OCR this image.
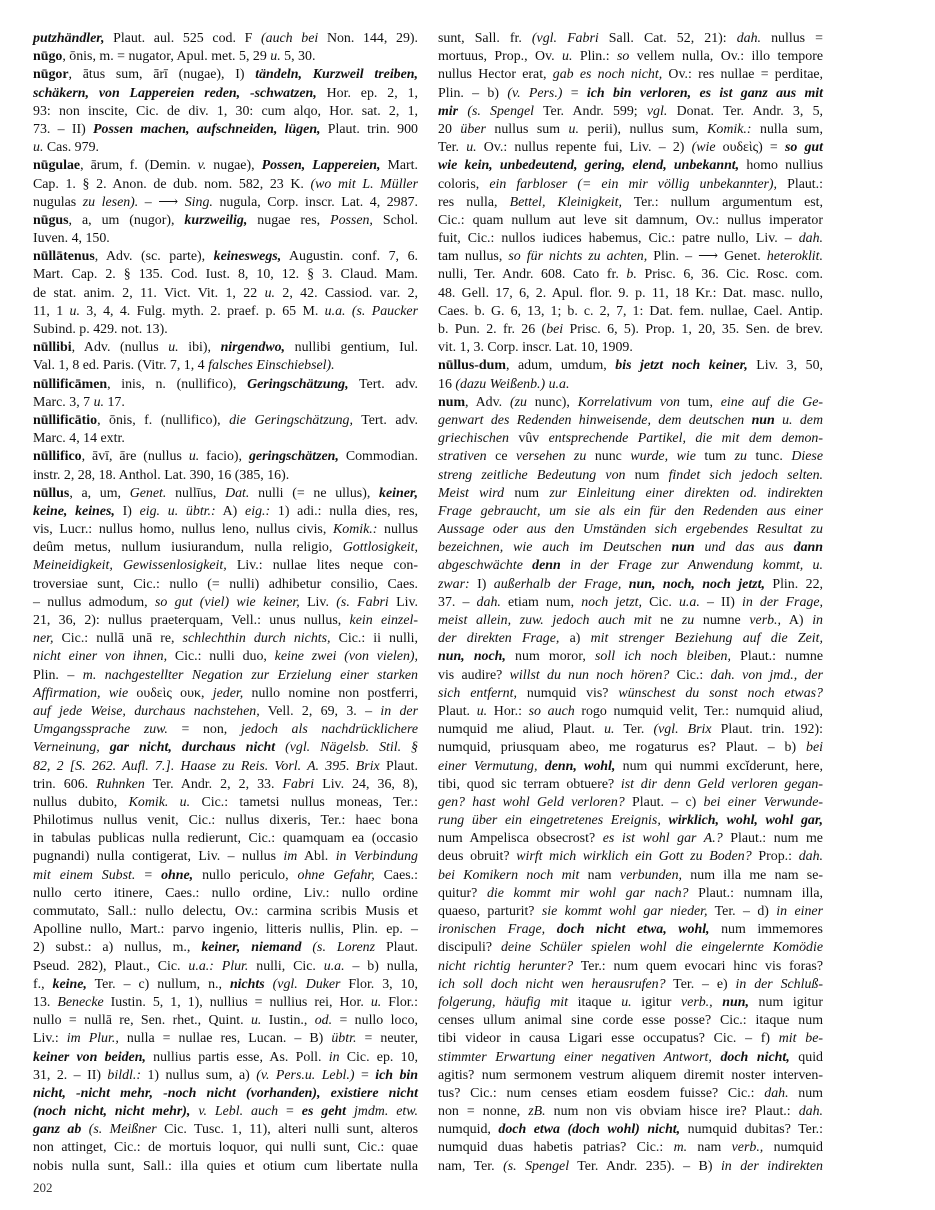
putzhändler, Plaut. aul. 525 cod. F (auch bei Non. 144, 29).
nūgo, ōnis, m. = nugator, Apul. met. 5, 29 u. 5, 30.
nūgor, ātus sum, ārī (nugae), I) tändeln, Kurzweil treiben,
schäkern, von Lappereien reden, -schwatzen, Hor. ep. 2, 1,
93: non inscite, Cic. de div. 1, 30: cum alqo, Hor. sat. 2, 1,
73. – II) Possen machen, aufschneiden, lügen, Plaut. trin. 900
u. Cas. 979.
nūgulae, ārum, f. (Demin. v. nugae), Possen, Lappereien, Mart.
Cap. 1. § 2. Anon. de dub. nom. 582, 23 K. (wo mit L. Müller
nugulas zu lesen). – ⟶ Sing. nugula, Corp. inscr. Lat. 4, 2987.
nūgus, a, um (nugor), kurzweilig, nugae res, Possen, Schol.
Iuven. 4, 150.
nūllātenus, Adv. (sc. parte), keineswegs, Augustin. conf. 7, 6.
Mart. Cap. 2. § 135. Cod. Iust. 8, 10, 12. § 3. Claud. Mam.
de stat. anim. 2, 11. Vict. Vit. 1, 22 u. 2, 42. Cassiod. var. 2,
11, 1 u. 3, 4, 4. Fulg. myth. 2. praef. p. 65 M. u.a. (s. Paucker
Subind. p. 429. not. 13).
nūllibi, Adv. (nullus u. ibi), nirgendwo, nullibi gentium, Iul.
Val. 1, 8 ed. Paris. (Vitr. 7, 1, 4 falsches Einschiebsel).
nūllificāmen, inis, n. (nullifico), Geringschätzung, Tert. adv.
Marc. 3, 7 u. 17.
nūllificātio, ōnis, f. (nullifico), die Geringschätzung, Tert. adv.
Marc. 4, 14 extr.
nūllifico, āvī, āre (nullus u. facio), geringschätzen, Commodian.
instr. 2, 28, 18. Anthol. Lat. 390, 16 (385, 16).
nūllus, a, um, Genet. nullīus, Dat. nulli (= ne ullus), keiner,
keine, keines, I) eig. u. übtr.: A) eig.: 1) adi.: nulla dies, res,
vis, Lucr.: nullus homo, nullus leno, nullus civis, Komik.: nullus
deûm metus, nullum iusiurandum, nulla religio, Gottlosigkeit,
Meineidigkeit, Gewissenlosigkeit, Liv.: nullae lites neque con-
troversiae sunt, Cic.: nullo (= nulli) adhibetur consilio, Caes.
– nullus admodum, so gut (viel) wie keiner, Liv. (s. Fabri Liv.
21, 36, 2): nullus praeterquam, Vell.: unus nullus, kein einzel-
ner, Cic.: nullā unā re, schlechthin durch nichts, Cic.: ii nulli,
nicht einer von ihnen, Cic.: nulli duo, keine zwei (von vielen),
Plin. – m. nachgestellter Negation zur Erzielung einer starken
Affirmation, wie ουδεὶς ουκ, jeder, nullo nomine non postferri,
auf jede Weise, durchaus nachstehen, Vell. 2, 69, 3. – in der
Umgangssprache zuw. = non, jedoch als nachdrücklichere
Verneinung, gar nicht, durchaus nicht (vgl. Nägelsb. Stil. §
82, 2 [S. 262. Aufl. 7.]. Haase zu Reis. Vorl. A. 395. Brix Plaut.
trin. 606. Ruhnken Ter. Andr. 2, 2, 33. Fabri Liv. 24, 36, 8),
nullus dubito, Komik. u. Cic.: tametsi nullus moneas, Ter.:
Philotimus nullus venit, Cic.: nullus dixeris, Ter.: haec bona
in tabulas publicas nulla redierunt, Cic.: quamquam ea (occasio
pugnandi) nulla contigerat, Liv. – nullus im Abl. in Verbindung
mit einem Subst. = ohne, nullo periculo, ohne Gefahr, Caes.:
nullo certo itinere, Caes.: nullo ordine, Liv.: nullo ordine
commutato, Sall.: nullo delectu, Ov.: carmina scribis Musis et
Apolline nullo, Mart.: parvo ingenio, litteris nullis, Plin. ep. –
2) subst.: a) nullus, m., keiner, niemand (s. Lorenz Plaut.
Pseud. 282), Plaut., Cic. u.a.: Plur. nulli, Cic. u.a. – b) nulla,
f., keine, Ter. – c) nullum, n., nichts (vgl. Duker Flor. 3, 10,
13. Benecke Iustin. 5, 1, 1), nullius = nullius rei, Hor. u. Flor.:
nullo = nullā re, Sen. rhet., Quint. u. Iustin., od. = nullo loco,
Liv.: im Plur., nulla = nullae res, Lucan. – B) übtr. = neuter,
keiner von beiden, nullius partis esse, As. Poll. in Cic. ep. 10,
31, 2. – II) bildl.: 1) nullus sum, a) (v. Pers.u. Lebl.) = ich bin
nicht, -nicht mehr, -noch nicht (vorhanden), existiere nicht
(noch nicht, nicht mehr), v. Lebl. auch = es geht jmdm. etw.
ganz ab (s. Meißner Cic. Tusc. 1, 11), alteri nulli sunt, alteros
non attinget, Cic.: de mortuis loquor, qui nulli sunt, Cic.: quae
nobis nulla sunt, Sall.: illa quies et otium cum libertate nulla
sunt, Sall. fr. (vgl. Fabri Sall. Cat. 52, 21): dah. nullus =
mortuus, Prop., Ov. u. Plin.: so vellem nulla, Ov.: illo tempore
nullus Hector erat, gab es noch nicht, Ov.: res nullae = perditae,
Plin. – b) (v. Pers.) = ich bin verloren, es ist ganz aus mit
mir (s. Spengel Ter. Andr. 599; vgl. Donat. Ter. Andr. 3, 5,
20 über nullus sum u. perii), nullus sum, Komik.: nulla sum,
Ter. u. Ov.: nullus repente fui, Liv. – 2) (wie ουδεὶς) = so gut
wie kein, unbedeutend, gering, elend, unbekannt, homo nullius
coloris, ein farbloser (= ein mir völlig unbekannter), Plaut.:
res nulla, Bettel, Kleinigkeit, Ter.: nullum argumentum est,
Cic.: quam nullum aut leve sit damnum, Ov.: nullus imperator
fuit, Cic.: nullos iudices habemus, Cic.: patre nullo, Liv. – dah.
tam nullus, so für nichts zu achten, Plin. – ⟶ Genet. heteroklit.
nulli, Ter. Andr. 608. Cato fr. b. Prisc. 6, 36. Cic. Rosc. com.
48. Gell. 17, 6, 2. Apul. flor. 9. p. 11, 18 Kr.: Dat. masc. nullo,
Caes. b. G. 6, 13, 1; b. c. 2, 7, 1: Dat. fem. nullae, Cael. Antip.
b. Pun. 2. fr. 26 (bei Prisc. 6, 5). Prop. 1, 20, 35. Sen. de brev.
vit. 1, 3. Corp. inscr. Lat. 10, 1909.
nūllus-dum, adum, umdum, bis jetzt noch keiner, Liv. 3, 50,
16 (dazu Weißenb.) u.a.
num, Adv. (zu nunc), Korrelativum von tum, eine auf die Ge-
genwart des Redenden hinweisende, dem deutschen nun u. dem
griechischen vûv entsprechende Partikel, die mit dem demon-
strativen ce versehen zu nunc wurde, wie tum zu tunc. Diese
streng zeitliche Bedeutung von num findet sich jedoch selten.
Meist wird num zur Einleitung einer direkten od. indirekten
Frage gebraucht, um sie als ein für den Redenden aus einer
Aussage oder aus den Umständen sich ergebendes Resultat zu
bezeichnen, wie auch im Deutschen nun und das aus dann
abgeschwächte denn in der Frage zur Anwendung kommt, u.
zwar: I) außerhalb der Frage, nun, noch, noch jetzt, Plin. 22,
37. – dah. etiam num, noch jetzt, Cic. u.a. – II) in der Frage,
meist allein, zuw. jedoch auch mit ne zu numne verb., A) in
der direkten Frage, a) mit strenger Beziehung auf die Zeit,
nun, noch, num moror, soll ich noch bleiben, Plaut.: numne
vis audire? willst du nun noch hören? Cic.: dah. von jmd., der
sich entfernt, numquid vis? wünschest du sonst noch etwas?
Plaut. u. Hor.: so auch rogo numquid velit, Ter.: numquid aliud,
numquid me aliud, Plaut. u. Ter. (vgl. Brix Plaut. trin. 192):
numquid, priusquam abeo, me rogaturus es? Plaut. – b) bei
einer Vermutung, denn, wohl, num qui nummi excĭderunt, here,
tibi, quod sic terram obtuere? ist dir denn Geld verloren gegan-
gen? hast wohl Geld verloren? Plaut. – c) bei einer Verwunde-
rung über ein eingetretenes Ereignis, wirklich, wohl, wohl gar,
num Ampelisca obsecrost? es ist wohl gar A.? Plaut.: num me
deus obruit? wirft mich wirklich ein Gott zu Boden? Prop.: dah.
bei Komikern noch mit nam verbunden, num illa me nam se-
quitur? die kommt mir wohl gar nach? Plaut.: numnam illa,
quaeso, parturit? sie kommt wohl gar nieder, Ter. – d) in einer
ironischen Frage, doch nicht etwa, wohl, num immemores
discipuli? deine Schüler spielen wohl die eingelernte Komödie
nicht richtig herunter? Ter.: num quem evocari hinc vis foras?
ich soll doch nicht wen herausrufen? Ter. – e) in der Schluß-
folgerung, häufig mit itaque u. igitur verb., nun, num igitur
censes ullum animal sine corde esse posse? Cic.: itaque num
tibi videor in causa Ligari esse occupatus? Cic. – f) mit be-
stimmter Erwartung einer negativen Antwort, doch nicht, quid
agitis? num sermonem vestrum aliquem diremit noster interven-
tus? Cic.: num censes etiam eosdem fuisse? Cic.: dah. num
non = nonne, zB. num non vis obviam hisce ire? Plaut.: dah.
numquid, doch etwa (doch wohl) nicht, numquid dubitas? Ter.:
numquid duas habetis patrias? Cic.: m. nam verb., numquid
nam, Ter. (s. Spengel Ter. Andr. 235). – B) in der indirekten
202
